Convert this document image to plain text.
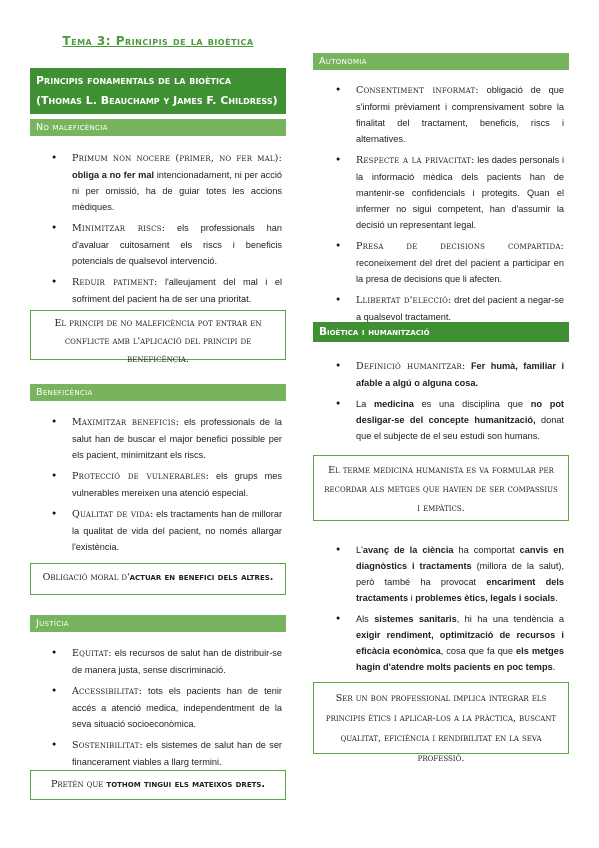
Tema 3: Principis de la bioètica
Principis fonamentals de la bioètica (Thomas L. Beauchamp y James F. Childress)
No maleficència
● Primum non nocere (primer, no fer mal): obliga a no fer mal intencionadament, ni per acció ni per omissió, ha de guiar totes les accions mèdiques.
● Minimitzar riscs: els professionals han d'avaluar cuitosament els riscs i beneficis potencials de qualsevol intervenció.
● Reduir patiment: l'alleujament del mal i el sofriment del pacient ha de ser una prioritat.
El principi de no maleficència pot entrar en conflicte amb l'aplicació del principi de beneficència.
Beneficència
● Maximitzar beneficis: els professionals de la salut han de buscar el major benefici possible per els pacient, minimitzant els riscs.
● Protecció de vulnerables: els grups mes vulnerables mereixen una atenció especial.
● Qualitat de vida: els tractaments han de millorar la qualitat de vida del pacient, no només allargar l'existència.
Obligació moral d'actuar en benefici dels altres.
Justícia
● Equitat: els recursos de salut han de distribuir-se de manera justa, sense discriminació.
● Accessibilitat: tots els pacients han de tenir accés a atenció medica, independentment de la seva situació socioeconòmica.
● Sostenibilitat: els sistemes de salut han de ser financerament viables a llarg termini.
Pretén que tothom tingui els mateixos drets.
Autonomia
● Consentiment informat: obligació de que s'informi prèviament i comprensivament sobre la finalitat del tractament, beneficis, riscs i alternatives.
● Respecte a la privacitat: les dades personals i la informació mèdica dels pacients han de mantenir-se confidencials i protegits. Quan el infermer no sigui competent, han d'assumir la decisió un representant legal.
● Presa de decisions compartida: reconeixement del dret del pacient a participar en la presa de decisions que li afecten.
● Llibertat d'elecció: dret del pacient a negar-se a qualsevol tractament.
Bioètica i humanització
● Definició humanitzar: Fer humà, familiar i afable a algú o alguna cosa.
● La medicina es una disciplina que no pot desligar-se del concepte humanització, donat que el subjecte de el seu estudi son humans.
El terme medicina humanista es va formular per recordar als metges que havien de ser compassius i empàtics.
● L'avanç de la ciència ha comportat canvis en diagnòstics i tractaments (millora de la salut), però també ha provocat encariment dels tractaments i problemes ètics, legals i socials.
● Als sistemes sanitaris, hi ha una tendència a exigir rendiment, optimització de recursos i eficàcia econòmica, cosa que fa que els metges hagin d'atendre molts pacients en poc temps.
Ser un bon professional implica integrar els principis ètics i aplicar-los a la pràctica, buscant qualitat, eficiència i rendibilitat en la seva professió.
